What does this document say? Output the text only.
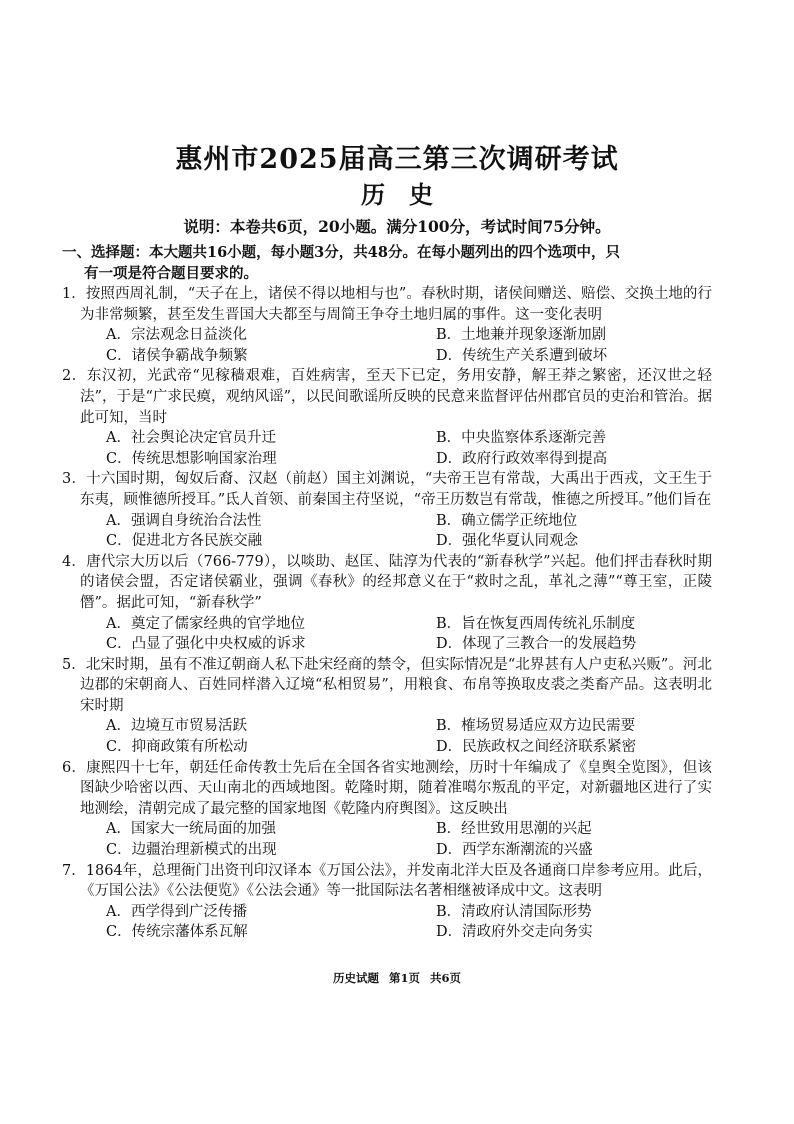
惠州市2025届高三第三次调研考试
历史
说明：本卷共6页，20小题。满分100分，考试时间75分钟。
一、选择题：本大题共16小题，每小题3分，共48分。在每小题列出的四个选项中，只
有一项是符合题目要求的。
1．按照西周礼制，“天子在上，诸侯不得以地相与也”。春秋时期，诸侯间赠送、赔偿、交换土地的行为非常频繁，甚至发生晋国大夫都至与周简王争夺土地归属的事件。这一变化表明
A．宗法观念日益淡化	B．土地兼并现象逐渐加剧
C．诸侯争霸战争频繁	D．传统生产关系遭到破坏
2．东汉初，光武帝“见稼穑艰难，百姓病害，至天下已定，务用安静，解王莽之繁密，还汉世之轻法”，于是“广求民瘼，观纳风谣”，以民间歌谣所反映的民意来监督评估州郡官员的吏治和管治。据此可知，当时
A．社会舆论决定官员升迁	B．中央监察体系逐渐完善
C．传统思想影响国家治理	D．政府行政效率得到提高
3．十六国时期，匈奴后裔、汉赵（前赵）国主刘渊说，“夫帝王岂有常哉，大禹出于西戎，文王生于东夷，顾惟德所授耳。”氐人首领、前秦国主苻坚说，“帝王历数岂有常哉，惟德之所授耳。”他们旨在
A．强调自身统治合法性	B．确立儒学正统地位
C．促进北方各民族交融	D．强化华夏认同观念
4．唐代宗大历以后（766-779），以啖助、赵匡、陆淳为代表的“新春秋学”兴起。他们抨击春秋时期的诸侯会盟，否定诸侯霸业，强调《春秋》的经邦意义在于“救时之乱，革礼之薄”“尊王室，正陵僭”。据此可知，“新春秋学”
A．奠定了儒家经典的官学地位	B．旨在恢复西周传统礼乐制度
C．凸显了强化中央权威的诉求	D．体现了三教合一的发展趋势
5．北宋时期，虽有不准辽朝商人私下赴宋经商的禁令，但实际情况是“北界甚有人户吏私兴贩”。河北边郡的宋朝商人、百姓同样潜入辽境“私相贸易”，用粮食、布帛等换取皮裘之类畜产品。这表明北宋时期
A．边境互市贸易活跃	B．榷场贸易适应双方边民需要
C．抑商政策有所松动	D．民族政权之间经济联系紧密
6．康熙四十七年，朝廷任命传教士先后在全国各省实地测绘，历时十年编成了《皇舆全览图》，但该图缺少哈密以西、天山南北的西域地图。乾隆时期，随着准噶尔叛乱的平定，对新疆地区进行了实地测绘，清朝完成了最完整的国家地图《乾隆内府舆图》。这反映出
A．国家大一统局面的加强	B．经世致用思潮的兴起
C．边疆治理新模式的出现	D．西学东渐潮流的兴盛
7．1864年，总理衙门出资刊印汉译本《万国公法》，并发南北洋大臣及各通商口岸参考应用。此后，《万国公法》《公法便览》《公法会通》等一批国际法名著相继被译成中文。这表明
A．西学得到广泛传播	B．清政府认清国际形势
C．传统宗藩体系瓦解	D．清政府外交走向务实
历史试题 第1页 共6页
